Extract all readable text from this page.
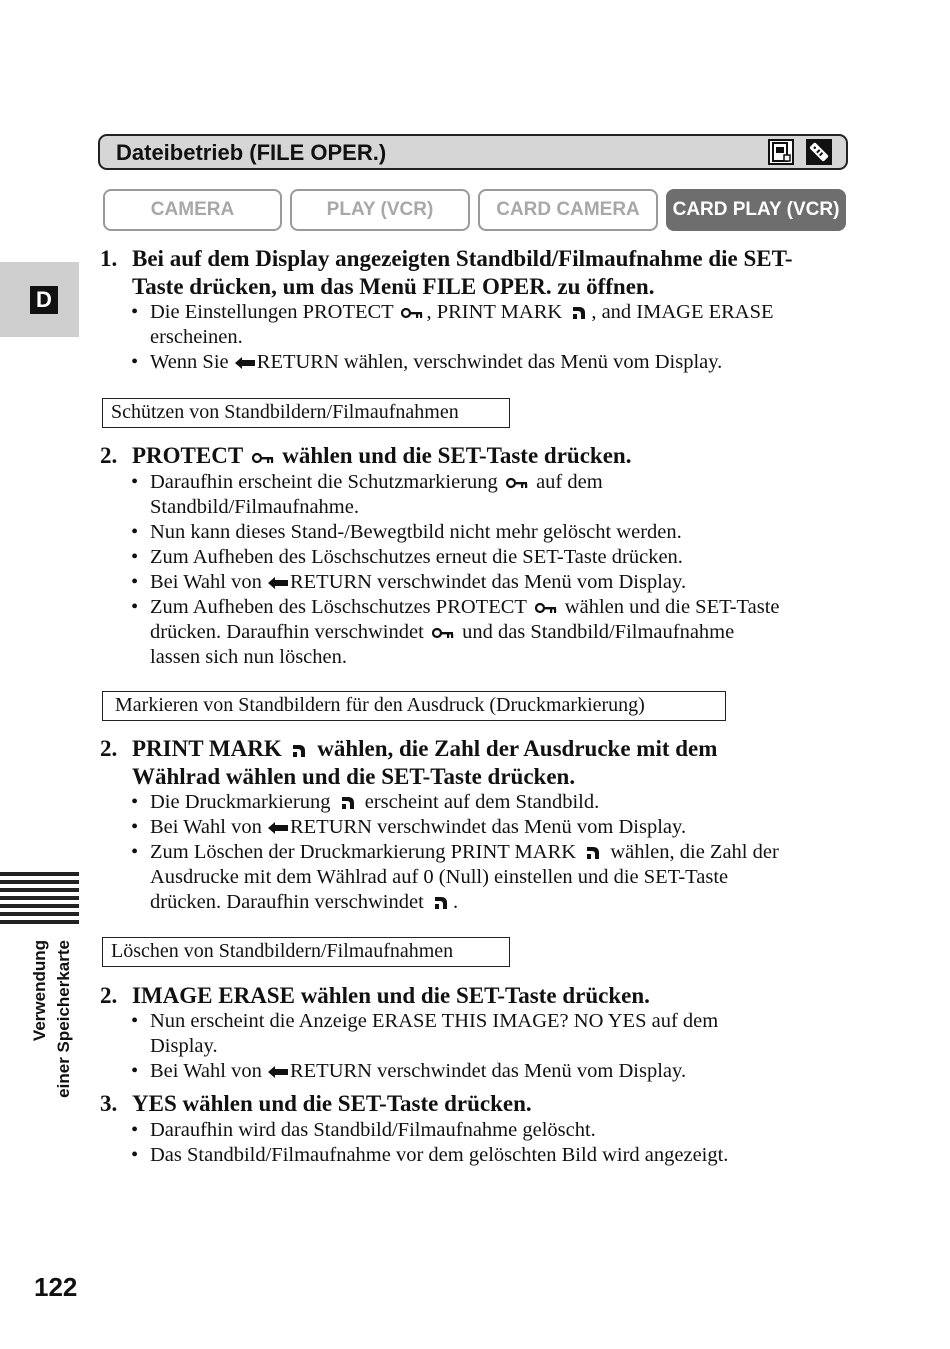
D
Verwendung einer Speicherkarte
Dateibetrieb (FILE OPER.)
CAMERA	PLAY (VCR)	CARD CAMERA	CARD PLAY (VCR)
1. Bei auf dem Display angezeigten Standbild/Filmaufnahme die SET-
Taste drücken, um das Menü FILE OPER. zu öffnen.
• Die Einstellungen PROTECT , PRINT MARK , and IMAGE ERASE
erscheinen.
• Wenn Sie RETURN wählen, verschwindet das Menü vom Display.
Schützen von Standbildern/Filmaufnahmen
2. PROTECT wählen und die SET-Taste drücken.
• Daraufhin erscheint die Schutzmarkierung auf dem
Standbild/Filmaufnahme.
• Nun kann dieses Stand-/Bewegtbild nicht mehr gelöscht werden.
• Zum Aufheben des Löschschutzes erneut die SET-Taste drücken.
• Bei Wahl von RETURN verschwindet das Menü vom Display.
• Zum Aufheben des Löschschutzes PROTECT wählen und die SET-Taste
drücken. Daraufhin verschwindet und das Standbild/Filmaufnahme
lassen sich nun löschen.
Markieren von Standbildern für den Ausdruck (Druckmarkierung)
2. PRINT MARK wählen, die Zahl der Ausdrucke mit dem
Wählrad wählen und die SET-Taste drücken.
• Die Druckmarkierung erscheint auf dem Standbild.
• Bei Wahl von RETURN verschwindet das Menü vom Display.
• Zum Löschen der Druckmarkierung PRINT MARK wählen, die Zahl der
Ausdrucke mit dem Wählrad auf 0 (Null) einstellen und die SET-Taste
drücken. Daraufhin verschwindet .
Löschen von Standbildern/Filmaufnahmen
2. IMAGE ERASE wählen und die SET-Taste drücken.
• Nun erscheint die Anzeige ERASE THIS IMAGE? NO YES auf dem
Display.
• Bei Wahl von RETURN verschwindet das Menü vom Display.
3. YES wählen und die SET-Taste drücken.
• Daraufhin wird das Standbild/Filmaufnahme gelöscht.
• Das Standbild/Filmaufnahme vor dem gelöschten Bild wird angezeigt.
122
